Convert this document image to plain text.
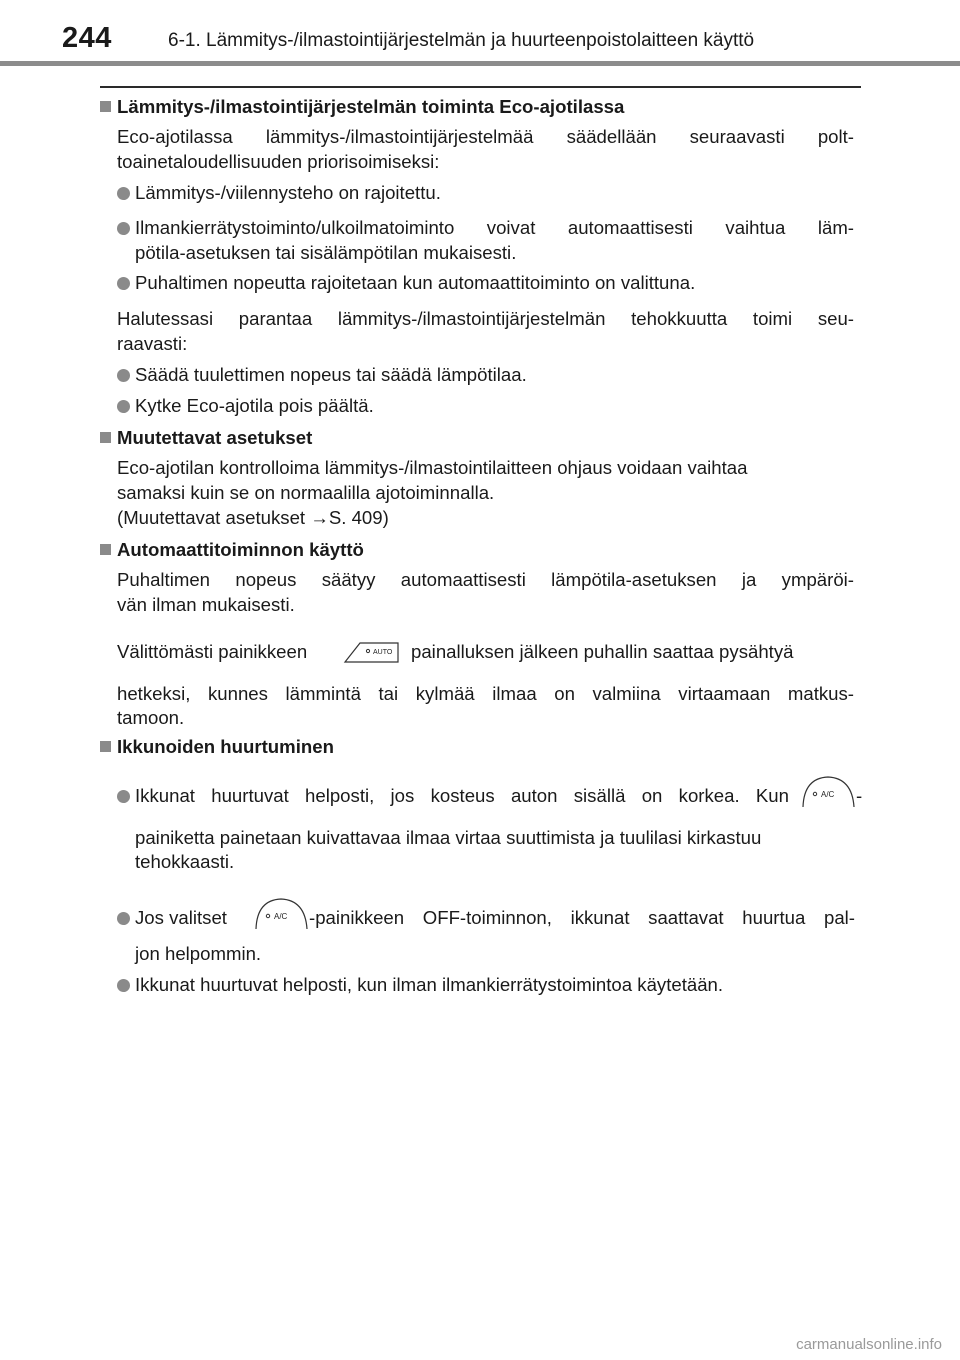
244	6-1. Lämmitys-/ilmastointijärjestelmän ja huurteenpoistolaitteen käyttö
Lämmitys-/ilmastointijärjestelmän toiminta Eco-ajotilassa
Eco-ajotilassa lämmitys-/ilmastointijärjestelmää säädellään seuraavasti polt-
toainetaloudellisuuden priorisoimiseksi:
Lämmitys-/viilennysteho on rajoitettu.
Ilmankierrätystoiminto/ulkoilmatoiminto voivat automaattisesti vaihtua läm-
pötila-asetuksen tai sisälämpötilan mukaisesti.
Puhaltimen nopeutta rajoitetaan kun automaattitoiminto on valittuna.
Halutessasi parantaa lämmitys-/ilmastointijärjestelmän tehokkuutta toimi seu-
raavasti:
Säädä tuulettimen nopeus tai säädä lämpötilaa.
Kytke Eco-ajotila pois päältä.
Muutettavat asetukset
Eco-ajotilan kontrolloima lämmitys-/ilmastointilaitteen ohjaus voidaan vaihtaa
samaksi kuin se on normaalilla ajotoiminnalla.
(Muutettavat asetukset →S. 409)
Automaattitoiminnon käyttö
Puhaltimen nopeus säätyy automaattisesti lämpötila-asetuksen ja ympäröi-
vän ilman mukaisesti.
Välittömästi painikkeen	AUTO painalluksen jälkeen puhallin saattaa pysähtyä
hetkeksi, kunnes lämmintä tai kylmää ilmaa on valmiina virtaamaan matkus-
tamoon.
Ikkunoiden huurtuminen
Ikkunat huurtuvat helposti, jos kosteus auton sisällä on korkea. Kun	A/C -
painiketta painetaan kuivattavaa ilmaa virtaa suuttimista ja tuulilasi kirkastuu
tehokkaasti.
Jos valitset	A/C -painikkeen OFF-toiminnon, ikkunat saattavat huurtua pal-
jon helpommin.
Ikkunat huurtuvat helposti, kun ilman ilmankierrätystoimintoa käytetään.
carmanualsonline.info
